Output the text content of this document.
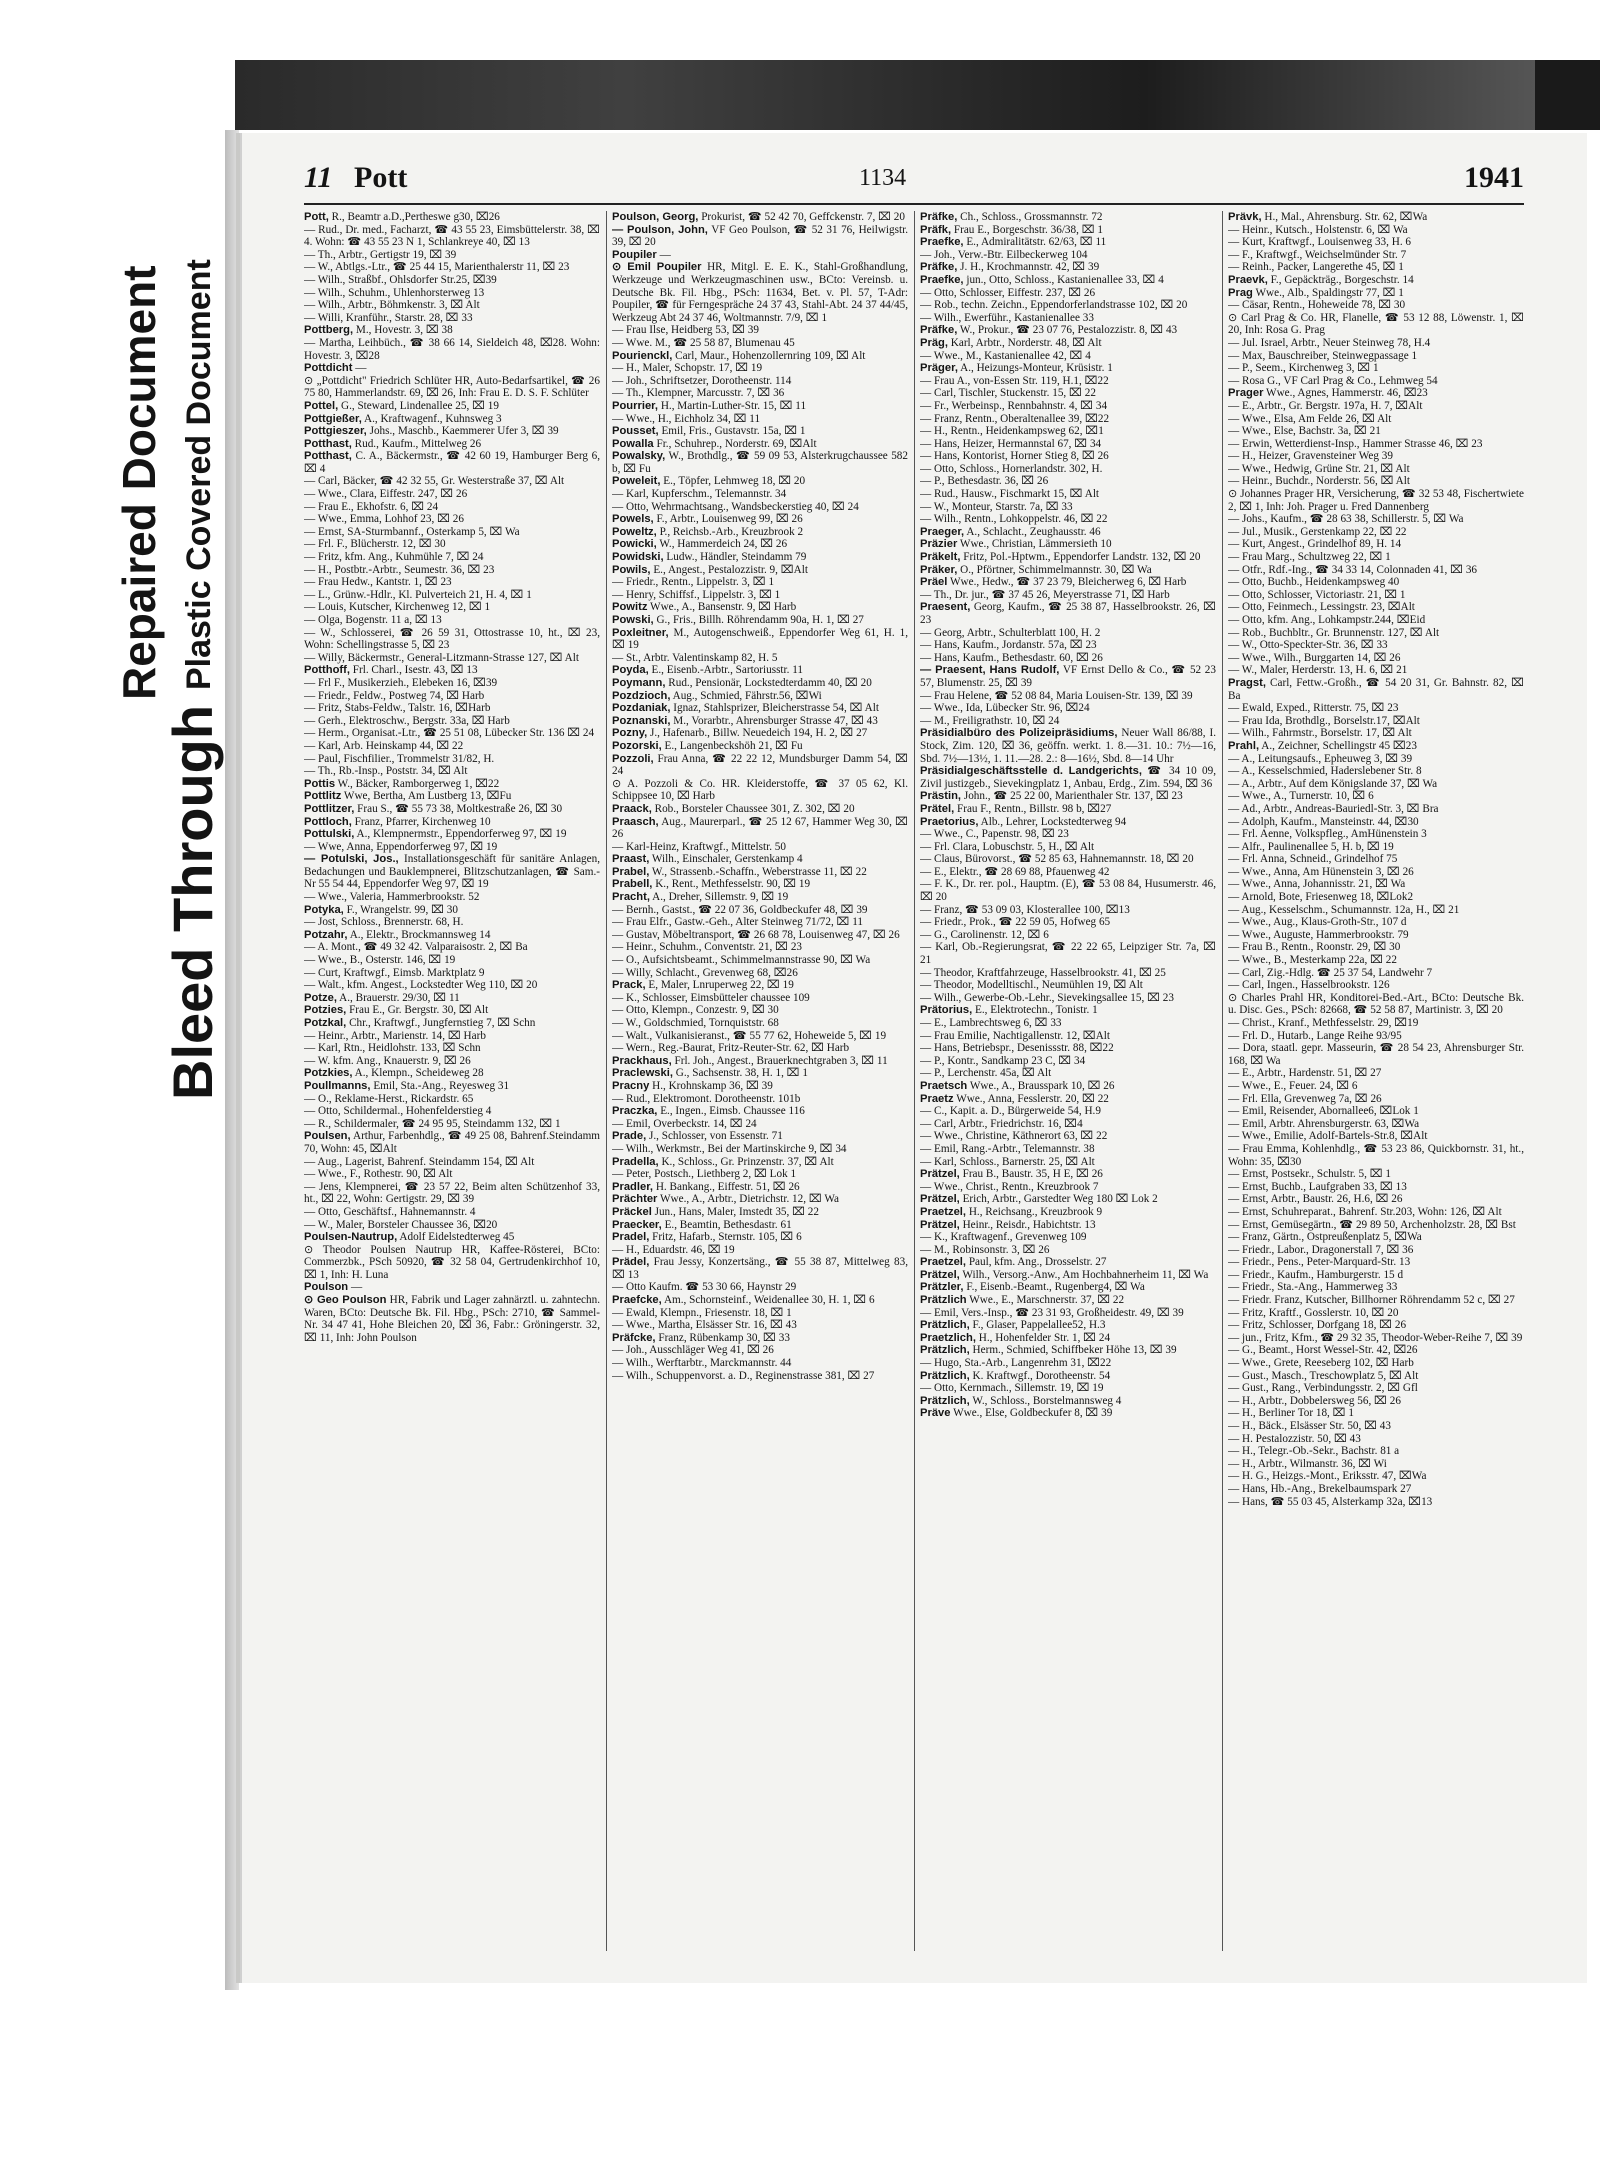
Bleed Through
Repaired Document Plastic Covered Document
11 Pott	1134	1941

Pott, R., Beamtr a.D.,Pertheswe g30, ⌧26

— Rud., Dr. med., Facharzt, ☎ 43 55 23, Eimsbüttelerstr. 38, ⌧ 4. Wohn: ☎ 43 55 23 N 1, Schlankreye 40, ⌧ 13

— Th., Arbtr., Gertigstr 19, ⌧ 39

— W., Abtlgs.-Ltr., ☎ 25 44 15, Marienthalerstr 11, ⌧ 23

— Wilh., Straßbf., Ohlsdorfer Str.25, ⌧39

— Wilh., Schuhm., Uhlenhorsterweg 13

— Wilh., Arbtr., Böhmkenstr. 3, ⌧ Alt

— Willi, Kranführ., Starstr. 28, ⌧ 33

Pottberg, M., Hovestr. 3, ⌧ 38

— Martha, Leihbüch., ☎ 38 66 14, Sieldeich 48, ⌧28. Wohn: Hovestr. 3, ⌧28

Pottdicht —

⊙ „Pottdicht" Friedrich Schlüter HR, Auto-Bedarfsartikel, ☎ 26 75 80, Hammerlandstr. 69, ⌧ 26, Inh: Frau E. D. S. F. Schlüter

Pottel, G., Steward, Lindenallee 25, ⌧ 19

Pottgießer, A., Kraftwagenf., Kuhnsweg 3

Pottgieszer, Johs., Maschb., Kaemmerer Ufer 3, ⌧ 39

Potthast, Rud., Kaufm., Mittelweg 26

Potthast, C. A., Bäckermstr., ☎ 42 60 19, Hamburger Berg 6, ⌧ 4

— Carl, Bäcker, ☎ 42 32 55, Gr. Westerstraße 37, ⌧ Alt

— Wwe., Clara, Eiffestr. 247, ⌧ 26

— Frau E., Ekhofstr. 6, ⌧ 24

— Wwe., Emma, Lohhof 23, ⌧ 26

— Ernst, SA-Sturmbannf., Osterkamp 5, ⌧ Wa

— Frl. F., Blücherstr. 12, ⌧ 30

— Fritz, kfm. Ang., Kuhmühle 7, ⌧ 24

— H., Postbtr.-Arbtr., Seumestr. 36, ⌧ 23

— Frau Hedw., Kantstr. 1, ⌧ 23

— L., Grünw.-Hdlr., Kl. Pulverteich 21, H. 4, ⌧ 1

— Louis, Kutscher, Kirchenweg 12, ⌧ 1

— Olga, Bogenstr. 11 a, ⌧ 13

— W., Schlosserei, ☎ 26 59 31, Ottostrasse 10, ht., ⌧ 23, Wohn: Schellingstrasse 5, ⌧ 23

— Willy, Bäckermstr., General-Litzmann-Strasse 127, ⌧ Alt

Potthoff, Frl. Charl., Isestr. 43, ⌧ 13

— Frl F., Musikerzieh., Elebeken 16, ⌧39

— Friedr., Feldw., Postweg 74, ⌧ Harb

— Fritz, Stabs-Feldw., Talstr. 16, ⌧Harb

— Gerh., Elektroschw., Bergstr. 33a, ⌧ Harb

— Herm., Organisat.-Ltr., ☎ 25 51 08, Lübecker Str. 136 ⌧ 24

— Karl, Arb. Heinskamp 44, ⌧ 22

— Paul, Fischfilier., Trommelstr 31/82, H.

— Th., Rb.-Insp., Poststr. 34, ⌧ Alt

Pottis W., Bäcker, Ramborgerweg 1, ⌧22

Pottlitz Wwe, Bertha, Am Lustberg 13, ⌧Fu

Pottlitzer, Frau S., ☎ 55 73 38, Moltkestraße 26, ⌧ 30

Pottloch, Franz, Pfarrer, Kirchenweg 10

Pottulski, A., Klempnermstr., Eppendorferweg 97, ⌧ 19

— Wwe, Anna, Eppendorferweg 97, ⌧ 19

— Potulski, Jos., Installationsgeschäft für sanitäre Anlagen, Bedachungen und Bauklempnerei, Blitzschutzanlagen, ☎ Sam.-Nr 55 54 44, Eppendorfer Weg 97, ⌧ 19

— Wwe., Valeria, Hammerbrookstr. 52

Potyka, F., Wrangelstr. 99, ⌧ 30

— Jost, Schloss., Brennerstr. 68, H.

Potzahr, A., Elektr., Brockmannsweg 14

— A. Mont., ☎ 49 32 42. Valparaisostr. 2, ⌧ Ba

— Wwe., B., Osterstr. 146, ⌧ 19

— Curt, Kraftwgf., Eimsb. Marktplatz 9

— Walt., kfm. Angest., Lockstedter Weg 110, ⌧ 20

Potze, A., Brauerstr. 29/30, ⌧ 11

Potzies, Frau E., Gr. Bergstr. 30, ⌧ Alt

Potzkal, Chr., Kraftwgf., Jungfernstieg 7, ⌧ Schn

— Heinr., Arbtr., Marienstr. 14, ⌧ Harb

— Karl, Rtn., Heidlohstr. 133, ⌧ Schn

— W. kfm. Ang., Knauerstr. 9, ⌧ 26

Potzkies, A., Klempn., Scheideweg 28

Poullmanns, Emil, Sta.-Ang., Reyesweg 31

— O., Reklame-Herst., Rickardstr. 65

— Otto, Schildermal., Hohenfelderstieg 4

— R., Schildermaler, ☎ 24 95 95, Steindamm 132, ⌧ 1

Poulsen, Arthur, Farbenhdlg., ☎ 49 25 08, Bahrenf.Steindamm 70, Wohn: 45, ⌧Alt

— Aug., Lagerist, Bahrenf. Steindamm 154, ⌧ Alt

— Wwe., F., Rothestr. 90, ⌧ Alt

— Jens, Klempnerei, ☎ 23 57 22, Beim alten Schützenhof 33, ht., ⌧ 22, Wohn: Gertigstr. 29, ⌧ 39

— Otto, Geschäftsf., Hahnemannstr. 4

— W., Maler, Borsteler Chaussee 36, ⌧20

Poulsen-Nautrup, Adolf Eidelstedterweg 45

⊙ Theodor Poulsen Nautrup HR, Kaffee-Rösterei, BCto: Commerzbk., PSch 50920, ☎ 32 58 04, Gertrudenkirchhof 10, ⌧ 1, Inh: H. Luna

Poulson —

⊙ Geo Poulson HR, Fabrik und Lager zahnärztl. u. zahntechn. Waren, BCto: Deutsche Bk. Fil. Hbg., PSch: 2710, ☎ Sammel-Nr. 34 47 41, Hohe Bleichen 20, ⌧ 36, Fabr.: Gröningerstr. 32, ⌧ 11, Inh: John Poulson

Poulson, Georg, Prokurist, ☎ 52 42 70, Geffckenstr. 7, ⌧ 20

— Poulson, John, VF Geo Poulson, ☎ 52 31 76, Heilwigstr. 39, ⌧ 20

Poupiler —

⊙ Emil Poupiler HR, Mitgl. E. E. K., Stahl-Großhandlung, Werkzeuge und Werkzeugmaschinen usw., BCto: Vereinsb. u. Deutsche Bk. Fil. Hbg., PSch: 11634, Bet. v. Pl. 57, T-Adr: Poupiler, ☎ für Ferngespräche 24 37 43, Stahl-Abt. 24 37 44/45, Werkzeug Abt 24 37 46, Woltmannstr. 7/9, ⌧ 1

— Frau Ilse, Heidberg 53, ⌧ 39

— Wwe. M., ☎ 25 58 87, Blumenau 45

Pourienckl, Carl, Maur., Hohenzollernring 109, ⌧ Alt

— H., Maler, Schopstr. 17, ⌧ 19

— Joh., Schriftsetzer, Dorotheenstr. 114

— Th., Klempner, Marcusstr. 7, ⌧ 36

Pourrier, H., Martin-Luther-Str. 15, ⌧ 11

— Wwe., H., Eichholz 34, ⌧ 11

Pousset, Emil, Fris., Gustavstr. 15a, ⌧ 1

Powalla Fr., Schuhrep., Norderstr. 69, ⌧Alt

Powalsky, W., Brothdlg., ☎ 59 09 53, Alsterkrugchaussee 582 b, ⌧ Fu

Poweleit, E., Töpfer, Lehmweg 18, ⌧ 20

— Karl, Kupferschm., Telemannstr. 34

— Otto, Wehrmachtsang., Wandsbeckerstieg 40, ⌧ 24

Powels, F., Arbtr., Louisenweg 99, ⌧ 26

Poweltz, P., Reichsb.-Arb., Kreuzbrook 2

Powicki, W., Hammerdeich 24, ⌧ 26

Powidski, Ludw., Händler, Steindamm 79

Powils, E., Angest., Pestalozzistr. 9, ⌧Alt

— Friedr., Rentn., Lippelstr. 3, ⌧ 1

— Henry, Schiffsf., Lippelstr. 3, ⌧ 1

Powitz Wwe., A., Bansenstr. 9, ⌧ Harb

Powski, G., Fris., Billh. Röhrendamm 90a, H. 1, ⌧ 27

Poxleitner, M., Autogenschweiß., Eppendorfer Weg 61, H. 1, ⌧ 19

— St., Arbtr. Valentinskamp 82, H. 5

Poyda, E., Eisenb.-Arbtr., Sartoriusstr. 11

Poymann, Rud., Pensionär, Lockstedterdamm 40, ⌧ 20

Pozdzioch, Aug., Schmied, Fährstr.56, ⌧Wi

Pozdaniak, Ignaz, Stahlsprizer, Bleicherstrasse 54, ⌧ Alt

Poznanski, M., Vorarbtr., Ahrensburger Strasse 47, ⌧ 43

Pozny, J., Hafenarb., Billw. Neuedeich 194, H. 2, ⌧ 27

Pozorski, E., Langenbeckshöh 21, ⌧ Fu

Pozzoli, Frau Anna, ☎ 22 22 12, Mundsburger Damm 54, ⌧ 24

⊙ A. Pozzoli & Co. HR. Kleiderstoffe, ☎ 37 05 62, Kl. Schippsee 10, ⌧ Harb

Praack, Rob., Borsteler Chaussee 301, Z. 302, ⌧ 20

Praasch, Aug., Maurerparl., ☎ 25 12 67, Hammer Weg 30, ⌧ 26

— Karl-Heinz, Kraftwgf., Mittelstr. 50

Praast, Wilh., Einschaler, Gerstenkamp 4

Prabel, W., Strassenb.-Schaffn., Weberstrasse 11, ⌧ 22

Prabell, K., Rent., Methfesselstr. 90, ⌧ 19

Pracht, A., Dreher, Sillemstr. 9, ⌧ 19

— Bernh., Gastst., ☎ 22 07 36, Goldbeckufer 48, ⌧ 39

— Frau Elfr., Gastw.-Geh., Alter Steinweg 71/72, ⌧ 11

— Gustav, Möbeltransport, ☎ 26 68 78, Louisenweg 47, ⌧ 26

— Heinr., Schuhm., Conventstr. 21, ⌧ 23

— O., Aufsichtsbeamt., Schimmelmannstrasse 90, ⌧ Wa

— Willy, Schlacht., Grevenweg 68, ⌧26

Prack, E, Maler, Lnruperweg 22, ⌧ 19

— K., Schlosser, Eimsbütteler chaussee 109

— Otto, Klempn., Conzestr. 9, ⌧ 30

— W., Goldschmied, Tornquiststr. 68

— Walt., Vulkanisieranst., ☎ 55 77 62, Hoheweide 5, ⌧ 19

— Wern., Reg.-Baurat, Fritz-Reuter-Str. 62, ⌧ Harb

Prackhaus, Frl. Joh., Angest., Brauerknechtgraben 3, ⌧ 11

Praclewski, G., Sachsenstr. 38, H. 1, ⌧ 1

Pracny H., Krohnskamp 36, ⌧ 39

— Rud., Elektromont. Dorotheenstr. 101b

Praczka, E., Ingen., Eimsb. Chaussee 116

— Emil, Overbeckstr. 14, ⌧ 24

Prade, J., Schlosser, von Essenstr. 71

— Wilh., Werkmstr., Bei der Martinskirche 9, ⌧ 34

Pradella, K., Schloss., Gr. Prinzenstr. 37, ⌧ Alt

— Peter, Postsch., Liethberg 2, ⌧ Lok 1

Pradler, H. Bankang., Eiffestr. 51, ⌧ 26

Prächter Wwe., A., Arbtr., Dietrichstr. 12, ⌧ Wa

Präckel Jun., Hans, Maler, Imstedt 35, ⌧ 22

Praecker, E., Beamtin, Bethesdastr. 61

Pradel, Fritz, Hafarb., Sternstr. 105, ⌧ 6

— H., Eduardstr. 46, ⌧ 19

Prädel, Frau Jessy, Konzertsäng., ☎ 55 38 87, Mittelweg 83, ⌧ 13

— Otto Kaufm. ☎ 53 30 66, Haynstr 29

Praefcke, Am., Schornsteinf., Weidenallee 30, H. 1, ⌧ 6

— Ewald, Klempn., Friesenstr. 18, ⌧ 1

— Wwe., Martha, Elsässer Str. 16, ⌧ 43

Präfcke, Franz, Rübenkamp 30, ⌧ 33

— Joh., Ausschläger Weg 41, ⌧ 26

— Wilh., Werftarbtr., Marckmannstr. 44

— Wilh., Schuppenvorst. a. D., Reginenstrasse 381, ⌧ 27

Präfke, Ch., Schloss., Grossmannstr. 72

Präfk, Frau E., Borgeschstr. 36/38, ⌧ 1

Praefke, E., Admiralitätstr. 62/63, ⌧ 11

— Joh., Verw.-Btr. Eilbeckerweg 104

Präfke, J. H., Krochmannstr. 42, ⌧ 39

Praefke, jun., Otto, Schloss., Kastanienallee 33, ⌧ 4

— Otto, Schlosser, Eiffestr. 237, ⌧ 26

— Rob., techn. Zeichn., Eppendorferlandstrasse 102, ⌧ 20

— Wilh., Ewerführ., Kastanienallee 33

Präfke, W., Prokur., ☎ 23 07 76, Pestalozzistr. 8, ⌧ 43

Präg, Karl, Arbtr., Norderstr. 48, ⌧ Alt

— Wwe., M., Kastanienallee 42, ⌧ 4

Präger, A., Heizungs-Monteur, Krüsistr. 1

— Frau A., von-Essen Str. 119, H.1, ⌧22

— Carl, Tischler, Stuckenstr. 15, ⌧ 22

— Fr., Werbeinsp., Rennbahnstr. 4, ⌧ 34

— Franz, Rentn., Oberaltenallee 39, ⌧22

— H., Rentn., Heidenkampsweg 62, ⌧1

— Hans, Heizer, Hermannstal 67, ⌧ 34

— Hans, Kontorist, Horner Stieg 8, ⌧ 26

— Otto, Schloss., Hornerlandstr. 302, H.

— P., Bethesdastr. 36, ⌧ 26

— Rud., Hausw., Fischmarkt 15, ⌧ Alt

— W., Monteur, Starstr. 7a, ⌧ 33

— Wilh., Rentn., Lohkoppelstr. 46, ⌧ 22

Praeger, A., Schlacht., Zeughausstr. 46

Präzier Wwe., Christian, Lämmersieth 10

Präkelt, Fritz, Pol.-Hptwm., Eppendorfer Landstr. 132, ⌧ 20

Präker, O., Pförtner, Schimmelmannstr. 30, ⌧ Wa

Präel Wwe., Hedw., ☎ 37 23 79, Bleicherweg 6, ⌧ Harb

— Th., Dr. jur., ☎ 37 45 26, Meyerstrasse 71, ⌧ Harb

Praesent, Georg, Kaufm., ☎ 25 38 87, Hasselbrookstr. 26, ⌧ 23

— Georg, Arbtr., Schulterblatt 100, H. 2

— Hans, Kaufm., Jordanstr. 57a, ⌧ 23

— Hans, Kaufm., Bethesdastr. 60, ⌧ 26

— Praesent, Hans Rudolf, VF Ernst Dello & Co., ☎ 52 23 57, Blumenstr. 25, ⌧ 39

— Frau Helene, ☎ 52 08 84, Maria Louisen-Str. 139, ⌧ 39

— Wwe., Ida, Lübecker Str. 96, ⌧24

— M., Freiligrathstr. 10, ⌧ 24

Präsidialbüro des Polizeipräsidiums, Neuer Wall 86/88, I. Stock, Zim. 120, ⌧ 36, geöffn. werkt. 1. 8.—31. 10.: 7½—16, Sbd. 7½—13½, 1. 11.—28. 2.: 8—16½, Sbd. 8—14 Uhr

Präsidialgeschäftsstelle d. Landgerichts, ☎ 34 10 09, Zivil justizgeb., Sievekingplatz 1, Anbau, Erdg., Zim. 594, ⌧ 36

Prästin, John., ☎ 25 22 00, Marienthaler Str. 137, ⌧ 23

Prätel, Frau F., Rentn., Billstr. 98 b, ⌧27

Praetorius, Alb., Lehrer, Lockstedterweg 94

— Wwe., C., Papenstr. 98, ⌧ 23

— Frl. Clara, Lobuschstr. 5, H., ⌧ Alt

— Claus, Bürovorst., ☎ 52 85 63, Hahnemannstr. 18, ⌧ 20

— E., Elektr., ☎ 28 69 88, Pfauenweg 42

— F. K., Dr. rer. pol., Hauptm. (E), ☎ 53 08 84, Husumerstr. 46, ⌧ 20

— Franz, ☎ 53 09 03, Klosterallee 100, ⌧13

— Friedr., Prok., ☎ 22 59 05, Hofweg 65

— G., Carolinenstr. 12, ⌧ 6

— Karl, Ob.-Regierungsrat, ☎ 22 22 65, Leipziger Str. 7a, ⌧ 21

— Theodor, Kraftfahrzeuge, Hasselbrookstr. 41, ⌧ 25

— Theodor, Modelltischl., Neumühlen 19, ⌧ Alt

— Wilh., Gewerbe-Ob.-Lehr., Sievekingsallee 15, ⌧ 23

Prätorius, E., Elektrotechn., Tonistr. 1

— E., Lambrechtsweg 6, ⌧ 33

— Frau Emilie, Nachtigallenstr. 12, ⌧Alt

— Hans, Betriebspr., Desenissstr. 88, ⌧22

— P., Kontr., Sandkamp 23 C, ⌧ 34

— P., Lerchenstr. 45a, ⌧ Alt

Praetsch Wwe., A., Brausspark 10, ⌧ 26

Praetz Wwe., Anna, Fesslerstr. 20, ⌧ 22

— C., Kapit. a. D., Bürgerweide 54, H.9

— Carl, Arbtr., Friedrichstr. 16, ⌧4

— Wwe., Christine, Käthnerort 63, ⌧ 22

— Emil, Rang.-Arbtr., Telemannstr. 38

— Karl, Schloss., Barnerstr. 25, ⌧ Alt

Prätzel, Frau B., Baustr. 35, H E, ⌧ 26

— Wwe., Christ., Rentn., Kreuzbrook 7

Prätzel, Erich, Arbtr., Garstedter Weg 180 ⌧ Lok 2

Praetzel, H., Reichsang., Kreuzbrook 9

Prätzel, Heinr., Reisdr., Habichtstr. 13

— K., Kraftwagenf., Grevenweg 109

— M., Robinsonstr. 3, ⌧ 26

Praetzel, Paul, kfm. Ang., Drosselstr. 27

Prätzel, Wilh., Versorg.-Anw., Am Hochbahnerheim 11, ⌧ Wa

Prätzler, F., Eisenb.-Beamt., Rugenberg4, ⌧ Wa

Prätzlich Wwe., E., Marschnerstr. 37, ⌧ 22

— Emil, Vers.-Insp., ☎ 23 31 93, Großheidestr. 49, ⌧ 39

Prätzlich, F., Glaser, Pappelallee52, H.3

Praetzlich, H., Hohenfelder Str. 1, ⌧ 24

Prätzlich, Herm., Schmied, Schiffbeker Höhe 13, ⌧ 39

— Hugo, Sta.-Arb., Langenrehm 31, ⌧22

Prätzlich, K. Kraftwgf., Dorotheenstr. 54

— Otto, Kernmach., Sillemstr. 19, ⌧ 19

Prätzlich, W., Schloss., Borstelmannsweg 4

Präve Wwe., Else, Goldbeckufer 8, ⌧ 39

Prävk, H., Mal., Ahrensburg. Str. 62, ⌧Wa

— Heinr., Kutsch., Holstenstr. 6, ⌧ Wa

— Kurt, Kraftwgf., Louisenweg 33, H. 6

— F., Kraftwgf., Weichselmünder Str. 7

— Reinh., Packer, Langerethe 45, ⌧ 1

Praevk, F., Gepäckträg., Borgeschstr. 14

Prag Wwe., Alb., Spaldingstr 77, ⌧ 1

— Cäsar, Rentn., Hoheweide 78, ⌧ 30

⊙ Carl Prag & Co. HR, Flanelle, ☎ 53 12 88, Löwenstr. 1, ⌧ 20, Inh: Rosa G. Prag

— Jul. Israel, Arbtr., Neuer Steinweg 78, H.4

— Max, Bauschreiber, Steinwegpassage 1

— P., Seem., Kirchenweg 3, ⌧ 1

— Rosa G., VF Carl Prag & Co., Lehmweg 54

Prager Wwe., Agnes, Hammerstr. 46, ⌧23

— E., Arbtr., Gr. Bergstr. 197a, H. 7, ⌧Alt

— Wwe., Elsa, Am Felde 26, ⌧ Alt

— Wwe., Else, Bachstr. 3a, ⌧ 21

— Erwin, Wetterdienst-Insp., Hammer Strasse 46, ⌧ 23

— H., Heizer, Gravensteiner Weg 39

— Wwe., Hedwig, Grüne Str. 21, ⌧ Alt

— Heinr., Buchdr., Norderstr. 56, ⌧ Alt

⊙ Johannes Prager HR, Versicherung, ☎ 32 53 48, Fischertwiete 2, ⌧ 1, Inh: Joh. Prager u. Fred Dannenberg

— Johs., Kaufm., ☎ 28 63 38, Schillerstr. 5, ⌧ Wa

— Jul., Musik., Gerstenkamp 22, ⌧ 22

— Kurt, Angest., Grindelhof 89, H. 14

— Frau Marg., Schultzweg 22, ⌧ 1

— Otfr., Rdf.-Ing., ☎ 34 33 14, Colonnaden 41, ⌧ 36

— Otto, Buchb., Heidenkampsweg 40

— Otto, Schlosser, Victoriastr. 21, ⌧ 1

— Otto, Feinmech., Lessingstr. 23, ⌧Alt

— Otto, kfm. Ang., Lohkampstr.244, ⌧Eid

— Rob., Buchbltr., Gr. Brunnenstr. 127, ⌧ Alt

— W., Otto-Speckter-Str. 36, ⌧ 33

— Wwe., Wilh., Burggarten 14, ⌧ 26

— W., Maler, Herderstr. 13, H. 6, ⌧ 21

Pragst, Carl, Fettw.-Großh., ☎ 54 20 31, Gr. Bahnstr. 82, ⌧ Ba

— Ewald, Exped., Ritterstr. 75, ⌧ 23

— Frau Ida, Brothdlg., Borselstr.17, ⌧Alt

— Wilh., Fahrmstr., Borselstr. 17, ⌧ Alt

Prahl, A., Zeichner, Schellingstr 45 ⌧23

— A., Leitungsaufs., Epheuweg 3, ⌧ 39

— A., Kesselschmied, Haderslebener Str. 8

— A., Arbtr., Auf dem Königslande 37, ⌧ Wa

— Wwe., A., Turnerstr. 10, ⌧ 6

— Ad., Arbtr., Andreas-Bauriedl-Str. 3, ⌧ Bra

— Adolph, Kaufm., Mansteinstr. 44, ⌧30

— Frl. Aenne, Volkspfleg., AmHünenstein 3

— Alfr., Paulinenallee 5, H. b, ⌧ 19

— Frl. Anna, Schneid., Grindelhof 75

— Wwe., Anna, Am Hünenstein 3, ⌧ 26

— Wwe., Anna, Johannisstr. 21, ⌧ Wa

— Arnold, Bote, Friesenweg 18, ⌧Lok2

— Aug., Kesselschm., Schumannstr. 12a, H., ⌧ 21

— Wwe., Aug., Klaus-Groth-Str., 107 d

— Wwe., Auguste, Hammerbrookstr. 79

— Frau B., Rentn., Roonstr. 29, ⌧ 30

— Wwe., B., Mesterkamp 22a, ⌧ 22

— Carl, Zig.-Hdlg. ☎ 25 37 54, Landwehr 7

— Carl, Ingen., Hasselbrookstr. 126

⊙ Charles Prahl HR, Konditorei-Bed.-Art., BCto: Deutsche Bk. u. Disc. Ges., PSch: 82668, ☎ 52 58 87, Martinistr. 3, ⌧ 20

— Christ., Kranf., Methfesselstr. 29, ⌧19

— Frl. D., Hutarb., Lange Reihe 93/95

— Dora, staatl. gepr. Masseurin, ☎ 28 54 23, Ahrensburger Str. 168, ⌧ Wa

— E., Arbtr., Hardenstr. 51, ⌧ 27

— Wwe., E., Feuer. 24, ⌧ 6

— Frl. Ella, Grevenweg 7a, ⌧ 26

— Emil, Reisender, Abornallee6, ⌧Lok 1

— Emil, Arbtr. Ahrensburgerstr. 63, ⌧Wa

— Wwe., Emilie, Adolf-Bartels-Str.8, ⌧Alt

— Frau Emma, Kohlenhdlg., ☎ 53 23 86, Quickbornstr. 31, ht., Wohn: 35, ⌧30

— Ernst, Postsekr., Schulstr. 5, ⌧ 1

— Ernst, Buchb., Laufgraben 33, ⌧ 13

— Ernst, Arbtr., Baustr. 26, H.6, ⌧ 26

— Ernst, Schuhreparat., Bahrenf. Str.203, Wohn: 126, ⌧ Alt

— Ernst, Gemüsegärtn., ☎ 29 89 50, Archenholzstr. 28, ⌧ Bst

— Franz, Gärtn., Ostpreußenplatz 5, ⌧Wa

— Friedr., Labor., Dragonerstall 7, ⌧ 36

— Friedr., Pens., Peter-Marquard-Str. 13

— Friedr., Kaufm., Hamburgerstr. 15 d

— Friedr., Sta.-Ang., Hammerweg 33

— Friedr. Franz, Kutscher, Billhorner Röhrendamm 52 c, ⌧ 27

— Fritz, Kraftf., Gosslerstr. 10, ⌧ 20

— Fritz, Schlosser, Dorfgang 18, ⌧ 26

— jun., Fritz, Kfm., ☎ 29 32 35, Theodor-Weber-Reihe 7, ⌧ 39

— G., Beamt., Horst Wessel-Str. 42, ⌧26

— Wwe., Grete, Reeseberg 102, ⌧ Harb

— Gust., Masch., Treschowplatz 5, ⌧ Alt

— Gust., Rang., Verbindungsstr. 2, ⌧ Gfl

— H., Arbtr., Dobbelersweg 56, ⌧ 26

— H., Berliner Tor 18, ⌧ 1

— H., Bäck., Elsässer Str. 50, ⌧ 43

— H. Pestalozzistr. 50, ⌧ 43

— H., Telegr.-Ob.-Sekr., Bachstr. 81 a

— H., Arbtr., Wilmanstr. 36, ⌧ Wi

— H. G., Heizgs.-Mont., Eriksstr. 47, ⌧Wa

— Hans, Hb.-Ang., Brekelbaumspark 27

— Hans, ☎ 55 03 45, Alsterkamp 32a, ⌧13
